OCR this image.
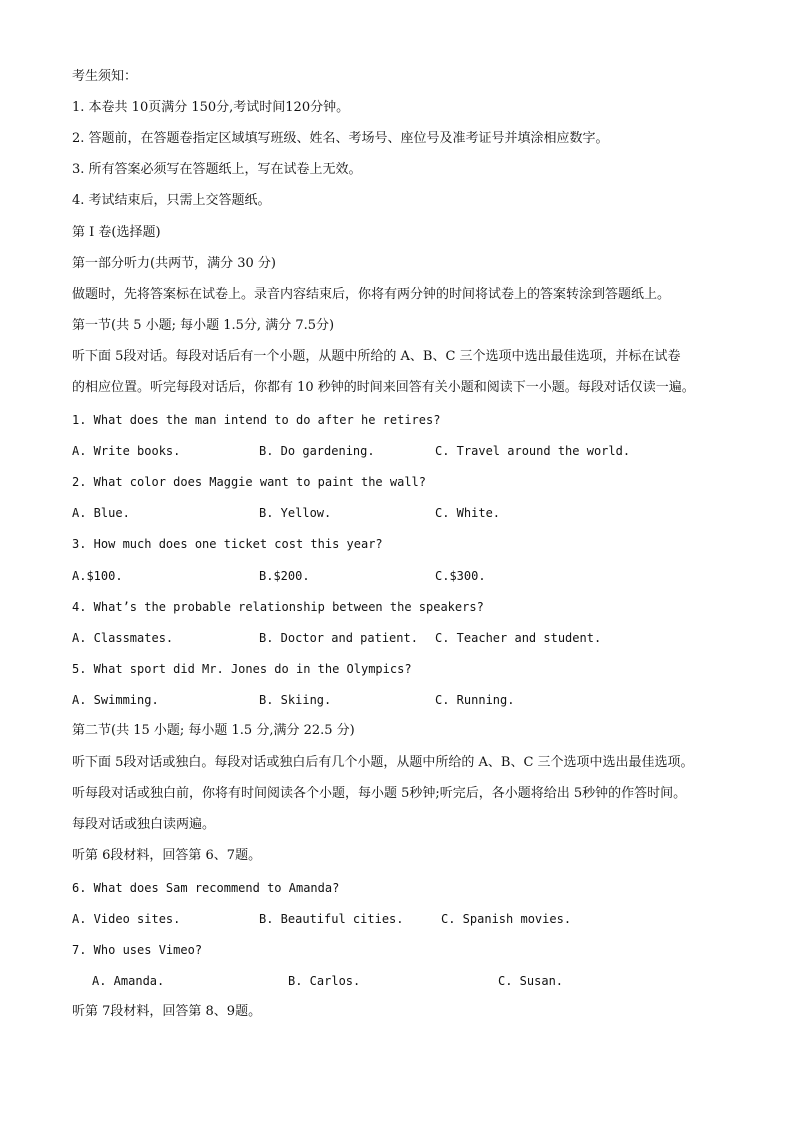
考生须知：
1. 本卷共 10页满分 150分,考试时间120分钟。
2. 答题前，在答题卷指定区域填写班级、姓名、考场号、座位号及准考证号并填涂相应数字。
3. 所有答案必须写在答题纸上，写在试卷上无效。
4. 考试结束后，只需上交答题纸。
第 Ⅰ 卷(选择题)
第一部分听力(共两节，满分 30 分)
做题时，先将答案标在试卷上。录音内容结束后，你将有两分钟的时间将试卷上的答案转涂到答题纸上。
第一节(共 5 小题; 每小题 1.5分, 满分 7.5分)
听下面 5段对话。每段对话后有一个小题，从题中所给的 A、B、C 三个选项中选出最佳选项，并标在试卷
的相应位置。听完每段对话后，你都有 10 秒钟的时间来回答有关小题和阅读下一小题。每段对话仅读一遍。
1. What does the man intend to do after he retires?
A. Write books.	B. Do gardening.	C. Travel around the world.
2. What color does Maggie want to paint the wall?
A. Blue.	B. Yellow.	C. White.
3. How much does one ticket cost this year?
A.$100.	B.$200.	C.$300.
4. What’s the probable relationship between the speakers?
A. Classmates.	B. Doctor and patient. C. Teacher and student.
5. What sport did Mr. Jones do in the Olympics?
A. Swimming.	B. Skiing.	C. Running.
第二节(共 15 小题; 每小题 1.5 分,满分 22.5 分)
听下面 5段对话或独白。每段对话或独白后有几个小题，从题中所给的 A、B、C 三个选项中选出最佳选项。
听每段对话或独白前，你将有时间阅读各个小题，每小题 5秒钟;听完后，各小题将给出 5秒钟的作答时间。
每段对话或独白读两遍。
听第 6段材料，回答第 6、7题。
6. What does Sam recommend to Amanda?
A. Video sites.	B. Beautiful cities.	C. Spanish movies.
7. Who uses Vimeo?
A. Amanda.	B. Carlos.	C. Susan.
听第 7段材料，回答第 8、9题。
